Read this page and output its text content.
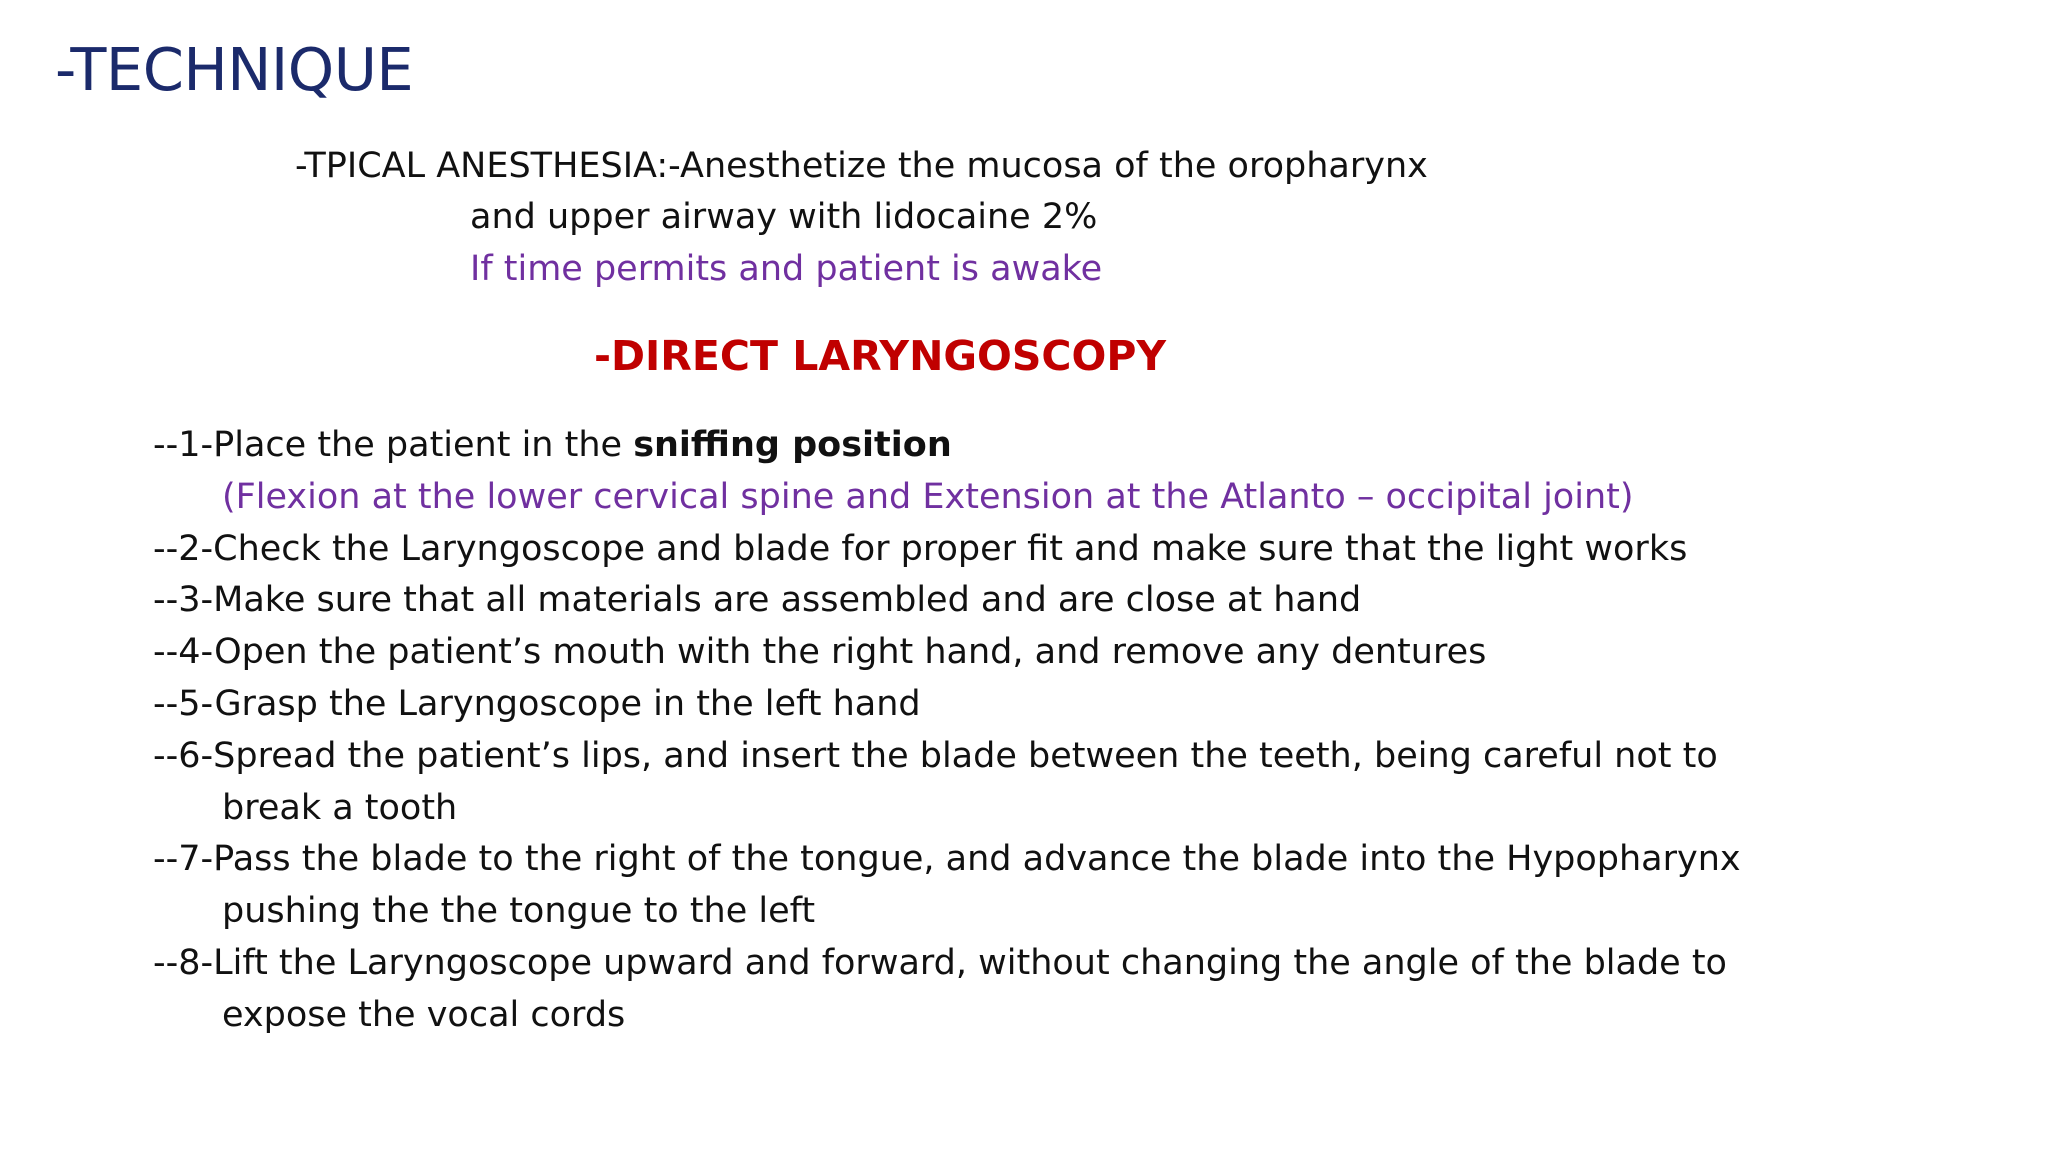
-TECHNIQUE
-TPICAL ANESTHESIA:-Anesthetize the mucosa of the oropharynx
and upper airway with lidocaine 2%
If time permits and patient is awake
-DIRECT LARYNGOSCOPY
--1-Place the patient in the sniffing position
(Flexion at the lower cervical spine and Extension at the Atlanto – occipital joint)
--2-Check the Laryngoscope and blade for proper fit and make sure that the light works
--3-Make sure that all materials are assembled and are close at hand
--4-Open the patient’s mouth with the right hand, and remove any dentures
--5-Grasp the Laryngoscope in the left hand
--6-Spread the patient’s lips, and insert the blade between the teeth, being careful not to
break a tooth
--7-Pass the blade to the right of the tongue, and advance the blade into the Hypopharynx
pushing the the tongue to the left
--8-Lift the Laryngoscope upward and forward, without changing the angle of the blade to
expose the vocal cords
